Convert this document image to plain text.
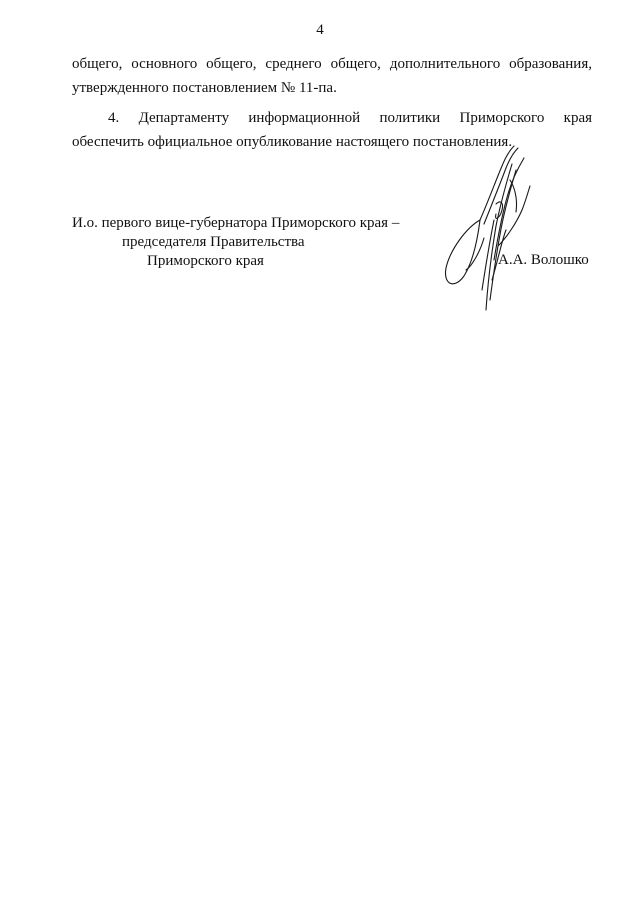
4

общего, основного общего, среднего общего, дополнительного образования,
утвержденного постановлением № 11-па.

4. Департаменту информационной политики Приморского края
обеспечить официальное опубликование настоящего постановления.

И.о. первого вице-губернатора Приморского края –
председателя Правительства
Приморского края	А.А. Волошко
